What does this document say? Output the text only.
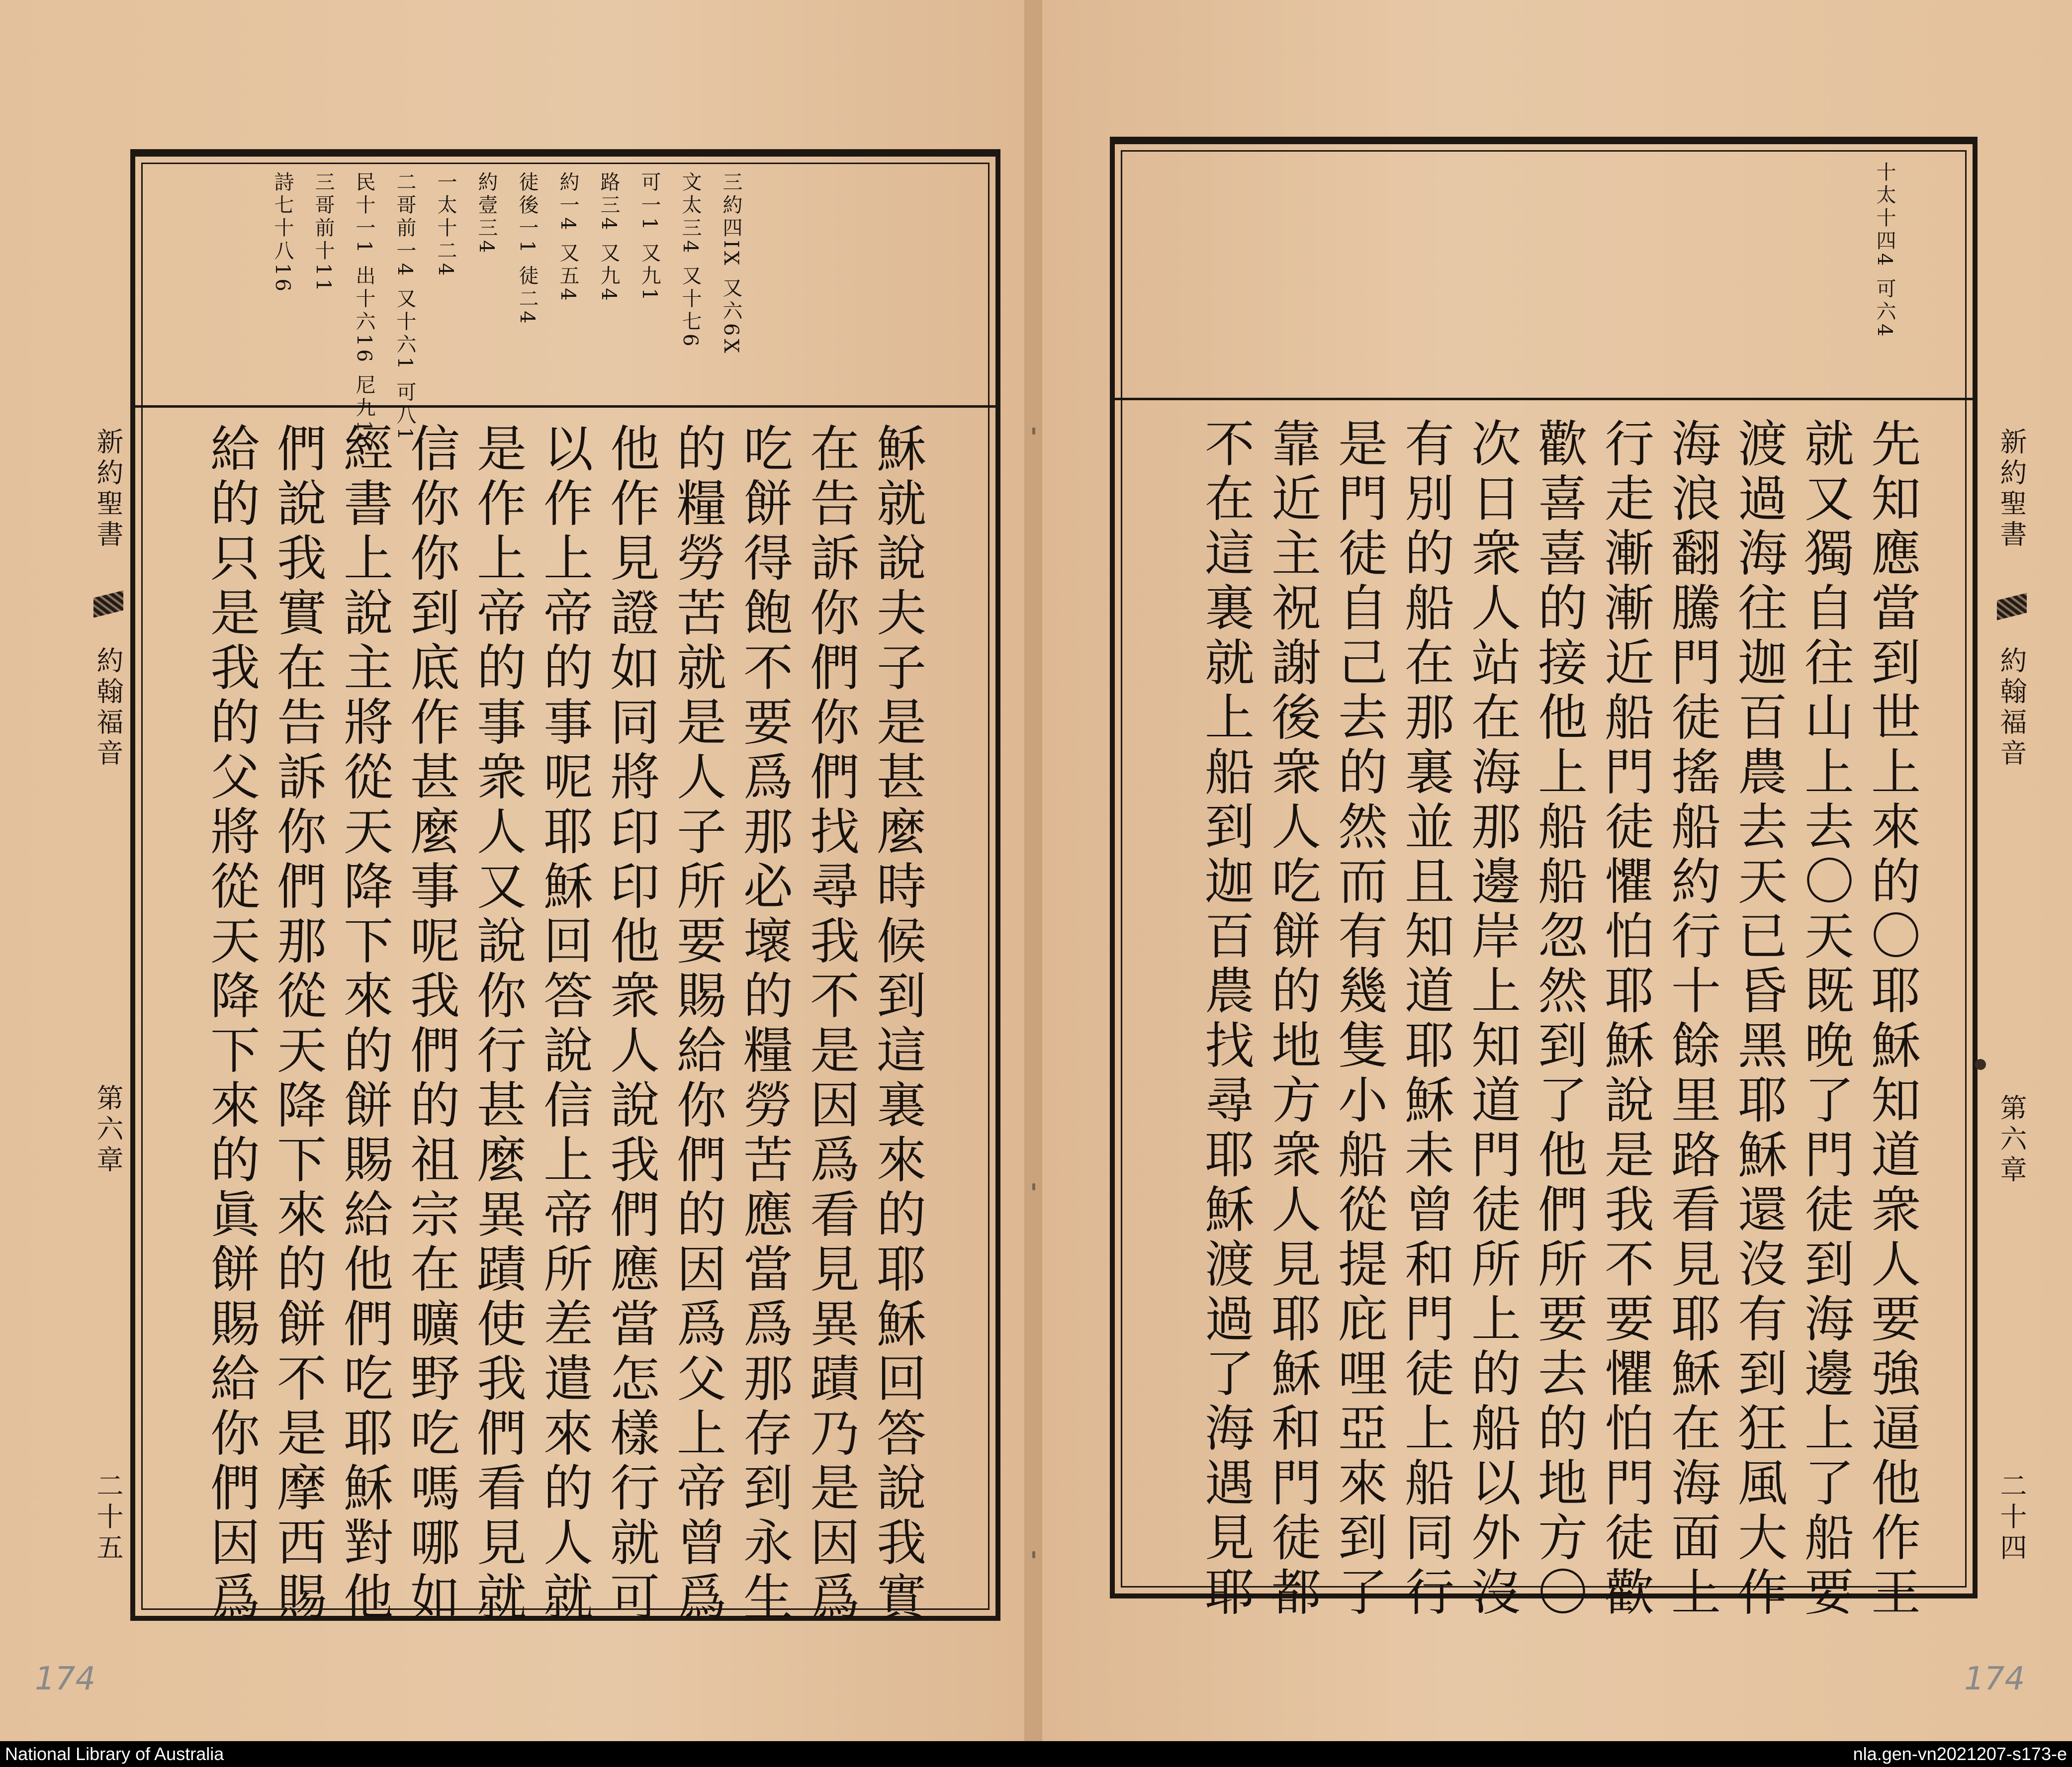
三約四IX 又六6X
文太三4 又十七6
可一1 又九1
路三4 又九4
約一4 又五4
徒後一1 徒二4
約壹三4
一太十二4
二哥前一4 又十六1 可八1
民十一1 出十六16 尼九16
三哥前十11
詩七十八16
穌就說夫子是甚麼時候到這裏來的耶穌回答說我實
在告訴你們你們找尋我不是因爲看見異蹟乃是因爲
吃餅得飽不要爲那必壞的糧勞苦應當爲那存到永生
的糧勞苦就是人子所要賜給你們的因爲父上帝曾爲
他作見證如同將印印他衆人說我們應當怎樣行就可
以作上帝的事呢耶穌回答說信上帝所差遣來的人就
是作上帝的事衆人又說你行甚麼異蹟使我們看見就
信你你到底作甚麼事呢我們的祖宗在曠野吃嗎哪如
經書上說主將從天降下來的餅賜給他們吃耶穌對他
們說我實在告訴你們那從天降下來的餅不是摩西賜
給的只是我的父將從天降下來的眞餅賜給你們因爲
新約聖書
約翰福音
第六章
二十五
174
十太十四4 可六4
先知應當到世上來的〇耶穌知道衆人要強逼他作王
就又獨自往山上去〇天既晚了門徒到海邊上了船要
渡過海往迦百農去天已昏黑耶穌還沒有到狂風大作
海浪翻騰門徒搖船約行十餘里路看見耶穌在海面上
行走漸漸近船門徒懼怕耶穌說是我不要懼怕門徒歡
歡喜喜的接他上船船忽然到了他們所要去的地方〇
次日衆人站在海那邊岸上知道門徒所上的船以外沒
有別的船在那裏並且知道耶穌未曾和門徒上船同行
是門徒自己去的然而有幾隻小船從提庇哩亞來到了
靠近主祝謝後衆人吃餅的地方衆人見耶穌和門徒都
不在這裏就上船到迦百農找尋耶穌渡過了海遇見耶	新約聖書
約翰福音
第六章
二十四
174
National Library of Australia	nla.gen-vn2021207-s173-e
